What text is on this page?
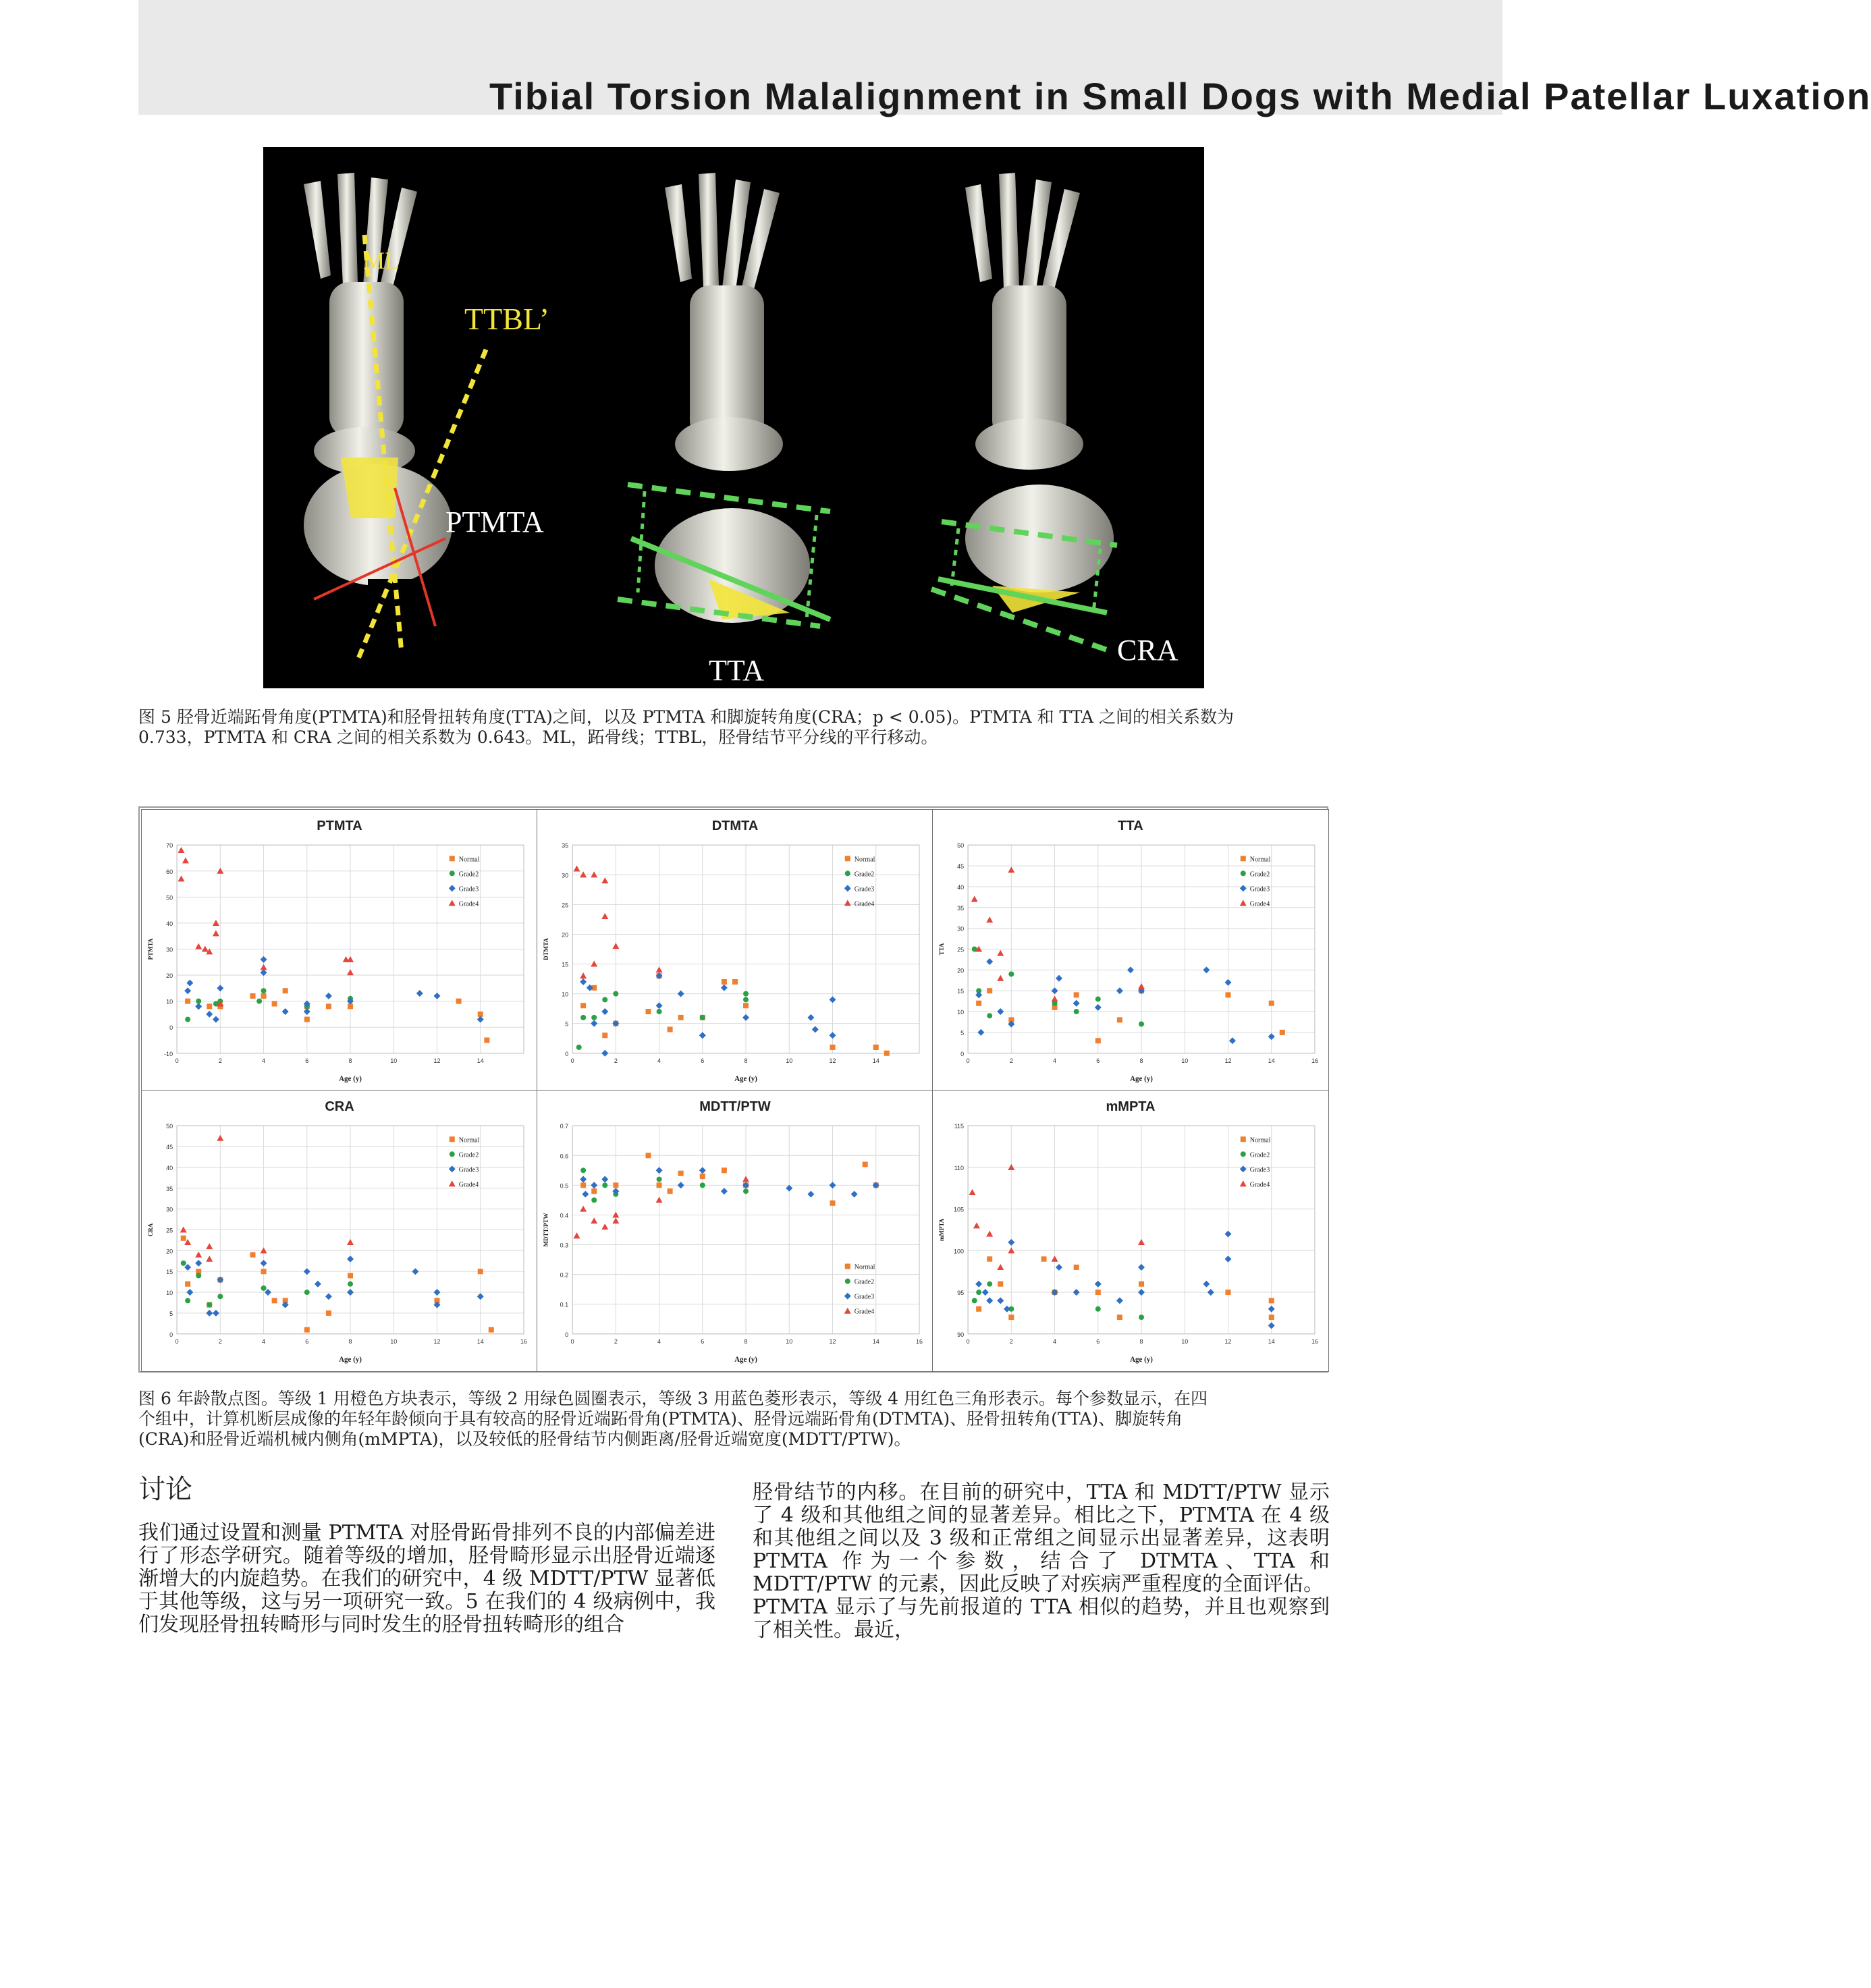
Tibial Torsion Malalignment in Small Dogs with Medial Patellar Luxation
ML
TTBL’
PTMTA
TTA
CRA
图 5 胫骨近端跖骨角度(PTMTA)和胫骨扭转角度(TTA)之间，以及 PTMTA 和脚旋转角度(CRA；p < 0.05)。PTMTA 和 TTA 之间的相关系数为
0.733，PTMTA 和 CRA 之间的相关系数为 0.643。ML，跖骨线；TTBL，胫骨结节平分线的平行移动。
PTMTA
-10
0
10
20
30
40
50
60
70
0	2	4	6	8	10	12	14
Age (y)
PTMTA
Normal
Grade2
Grade3
Grade4
DTMTA
0
5
10
15
20
25
30
35
0	2	4	6	8	10	12	14
Age (y)
DTMTA
Normal
Grade2
Grade3
Grade4
TTA
0
5
10
15
20
25
30
35
40
45
50
0	2	4	6	8	10	12	14	16
Age (y)
TTA
Normal
Grade2
Grade3
Grade4
CRA
0
5
10
15
20
25
30
35
40
45
50
0	2	4	6	8	10	12	14	16
Age (y)
CRA
Normal
Grade2
Grade3
Grade4
MDTT/PTW
0
0.1
0.2
0.3
0.4
0.5
0.6
0.7
0	2	4	6	8	10	12	14	16
Age (y)
MDTT/PTW
Normal
Grade2
Grade3
Grade4
mMPTA
90
95
100
105
110
115
0	2	4	6	8	10	12	14	16
Age (y)
mMPTA
Normal
Grade2
Grade3
Grade4
图 6 年龄散点图。等级 1 用橙色方块表示，等级 2 用绿色圆圈表示，等级 3 用蓝色菱形表示，等级 4 用红色三角形表示。每个参数显示，在四
个组中，计算机断层成像的年轻年龄倾向于具有较高的胫骨近端跖骨角(PTMTA)、胫骨远端跖骨角(DTMTA)、胫骨扭转角(TTA)、脚旋转角
(CRA)和胫骨近端机械内侧角(mMPTA)，以及较低的胫骨结节内侧距离/胫骨近端宽度(MDTT/PTW)。
讨论
我们通过设置和测量 PTMTA 对胫骨跖骨排列不良的内部偏差进行了形态学研究。随着等级的增加，胫骨畸形显示出胫骨近端逐渐增大的内旋趋势。在我们的研究中，4 级 MDTT/PTW 显著低于其他等级，这与另一项研究一致。5 在我们的 4 级病例中，我们发现胫骨扭转畸形与同时发生的胫骨扭转畸形的组合
胫骨结节的内移。在目前的研究中，TTA 和 MDTT/PTW 显示了 4 级和其他组之间的显著差异。相比之下，PTMTA 在 4 级和其他组之间以及 3 级和正常组之间显示出显著差异，这表明 PTMTA 作为一个参数，结合了 DTMTA、TTA 和 MDTT/PTW 的元素，因此反映了对疾病严重程度的全面评估。
PTMTA 显示了与先前报道的 TTA 相似的趋势，并且也观察到了相关性。最近，
